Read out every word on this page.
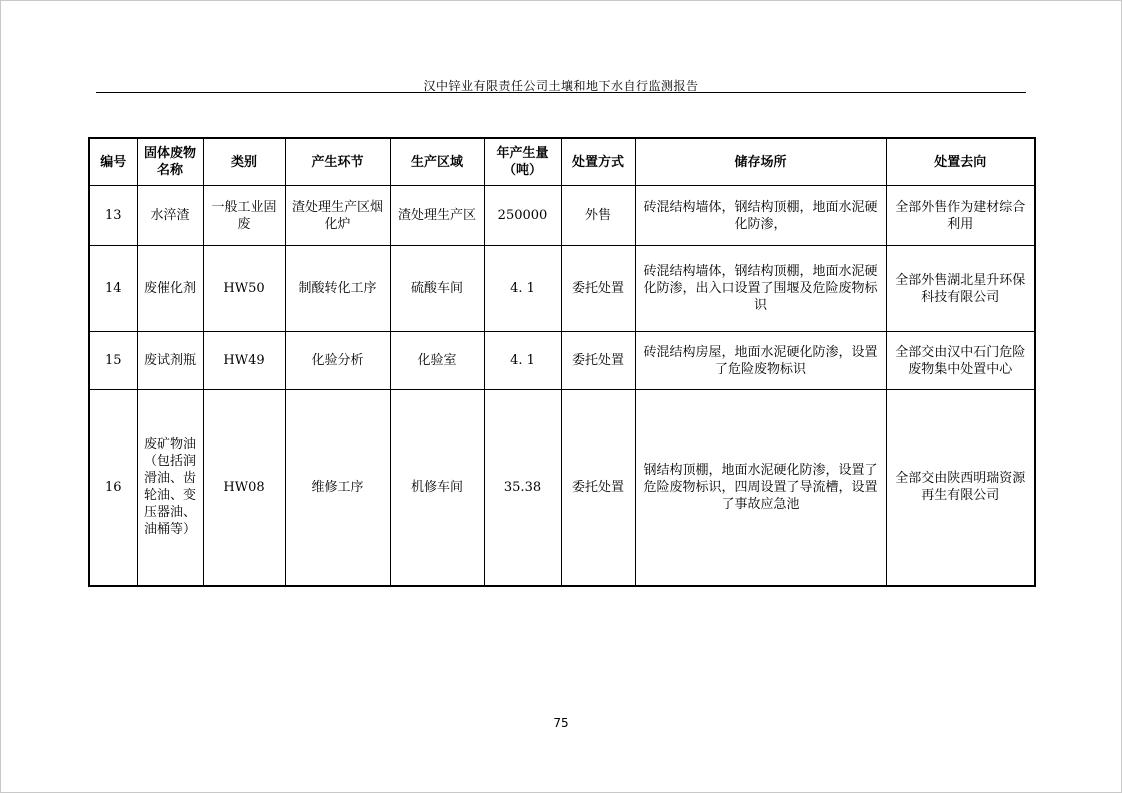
汉中锌业有限责任公司土壤和地下水自行监测报告
编号	固体废物名称	类别	产生环节	生产区域	年产生量（吨）	处置方式	储存场所	处置去向
13	水淬渣	一般工业固废	渣处理生产区烟化炉	渣处理生产区	250000	外售	砖混结构墙体，钢结构顶棚，地面水泥硬化防渗，	全部外售作为建材综合利用
14	废催化剂	HW50	制酸转化工序	硫酸车间	4. 1	委托处置	砖混结构墙体，钢结构顶棚，地面水泥硬化防渗，出入口设置了围堰及危险废物标识	全部外售湖北星升环保科技有限公司
15	废试剂瓶	HW49	化验分析	化验室	4. 1	委托处置	砖混结构房屋，地面水泥硬化防渗，设置了危险废物标识	全部交由汉中石门危险废物集中处置中心
16	废矿物油（包括润滑油、齿轮油、变压器油、油桶等）	HW08	维修工序	机修车间	35.38	委托处置	钢结构顶棚，地面水泥硬化防渗，设置了危险废物标识，四周设置了导流槽，设置了事故应急池	全部交由陕西明瑞资源再生有限公司
75
